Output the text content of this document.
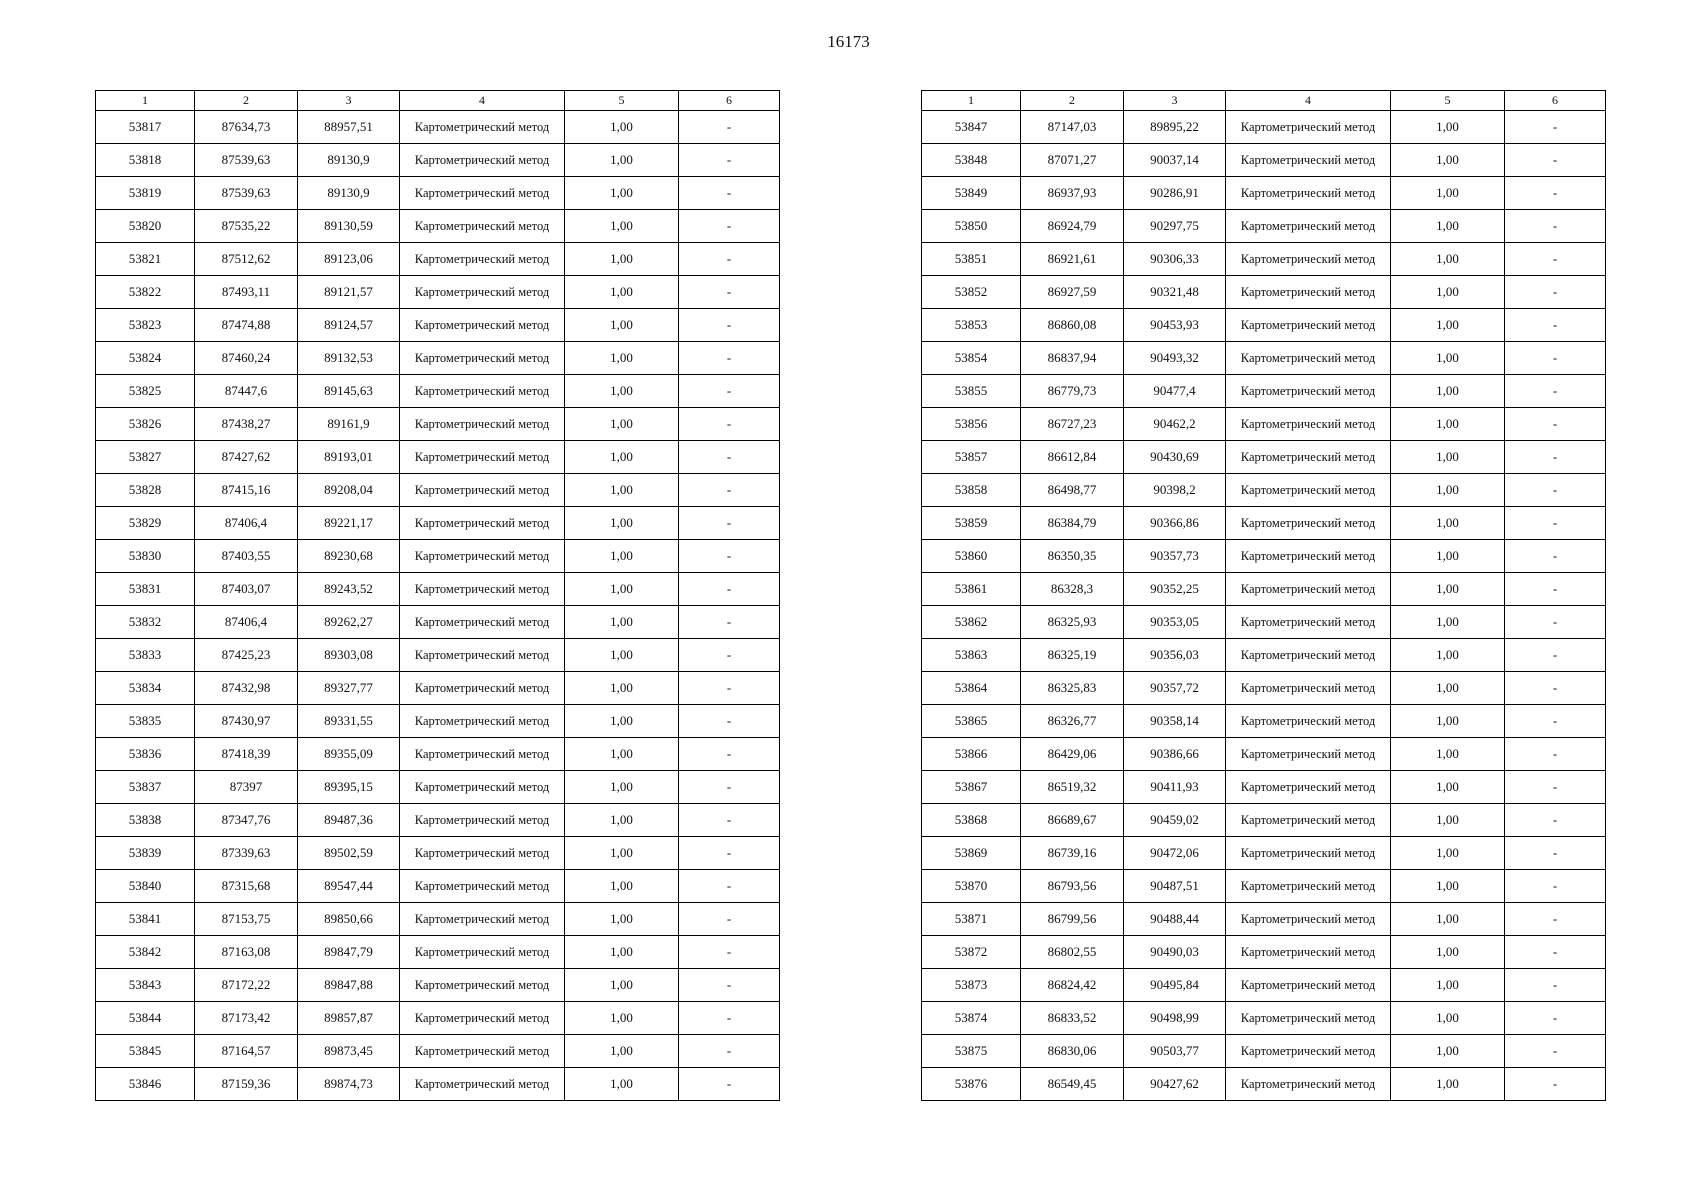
16173
1	2	3	4	5	6
53817	87634,73	88957,51	Картометрический метод	1,00	-
53818	87539,63	89130,9	Картометрический метод	1,00	-
53819	87539,63	89130,9	Картометрический метод	1,00	-
53820	87535,22	89130,59	Картометрический метод	1,00	-
53821	87512,62	89123,06	Картометрический метод	1,00	-
53822	87493,11	89121,57	Картометрический метод	1,00	-
53823	87474,88	89124,57	Картометрический метод	1,00	-
53824	87460,24	89132,53	Картометрический метод	1,00	-
53825	87447,6	89145,63	Картометрический метод	1,00	-
53826	87438,27	89161,9	Картометрический метод	1,00	-
53827	87427,62	89193,01	Картометрический метод	1,00	-
53828	87415,16	89208,04	Картометрический метод	1,00	-
53829	87406,4	89221,17	Картометрический метод	1,00	-
53830	87403,55	89230,68	Картометрический метод	1,00	-
53831	87403,07	89243,52	Картометрический метод	1,00	-
53832	87406,4	89262,27	Картометрический метод	1,00	-
53833	87425,23	89303,08	Картометрический метод	1,00	-
53834	87432,98	89327,77	Картометрический метод	1,00	-
53835	87430,97	89331,55	Картометрический метод	1,00	-
53836	87418,39	89355,09	Картометрический метод	1,00	-
53837	87397	89395,15	Картометрический метод	1,00	-
53838	87347,76	89487,36	Картометрический метод	1,00	-
53839	87339,63	89502,59	Картометрический метод	1,00	-
53840	87315,68	89547,44	Картометрический метод	1,00	-
53841	87153,75	89850,66	Картометрический метод	1,00	-
53842	87163,08	89847,79	Картометрический метод	1,00	-
53843	87172,22	89847,88	Картометрический метод	1,00	-
53844	87173,42	89857,87	Картометрический метод	1,00	-
53845	87164,57	89873,45	Картометрический метод	1,00	-
53846	87159,36	89874,73	Картометрический метод	1,00	-
1	2	3	4	5	6
53847	87147,03	89895,22	Картометрический метод	1,00	-
53848	87071,27	90037,14	Картометрический метод	1,00	-
53849	86937,93	90286,91	Картометрический метод	1,00	-
53850	86924,79	90297,75	Картометрический метод	1,00	-
53851	86921,61	90306,33	Картометрический метод	1,00	-
53852	86927,59	90321,48	Картометрический метод	1,00	-
53853	86860,08	90453,93	Картометрический метод	1,00	-
53854	86837,94	90493,32	Картометрический метод	1,00	-
53855	86779,73	90477,4	Картометрический метод	1,00	-
53856	86727,23	90462,2	Картометрический метод	1,00	-
53857	86612,84	90430,69	Картометрический метод	1,00	-
53858	86498,77	90398,2	Картометрический метод	1,00	-
53859	86384,79	90366,86	Картометрический метод	1,00	-
53860	86350,35	90357,73	Картометрический метод	1,00	-
53861	86328,3	90352,25	Картометрический метод	1,00	-
53862	86325,93	90353,05	Картометрический метод	1,00	-
53863	86325,19	90356,03	Картометрический метод	1,00	-
53864	86325,83	90357,72	Картометрический метод	1,00	-
53865	86326,77	90358,14	Картометрический метод	1,00	-
53866	86429,06	90386,66	Картометрический метод	1,00	-
53867	86519,32	90411,93	Картометрический метод	1,00	-
53868	86689,67	90459,02	Картометрический метод	1,00	-
53869	86739,16	90472,06	Картометрический метод	1,00	-
53870	86793,56	90487,51	Картометрический метод	1,00	-
53871	86799,56	90488,44	Картометрический метод	1,00	-
53872	86802,55	90490,03	Картометрический метод	1,00	-
53873	86824,42	90495,84	Картометрический метод	1,00	-
53874	86833,52	90498,99	Картометрический метод	1,00	-
53875	86830,06	90503,77	Картометрический метод	1,00	-
53876	86549,45	90427,62	Картометрический метод	1,00	-
